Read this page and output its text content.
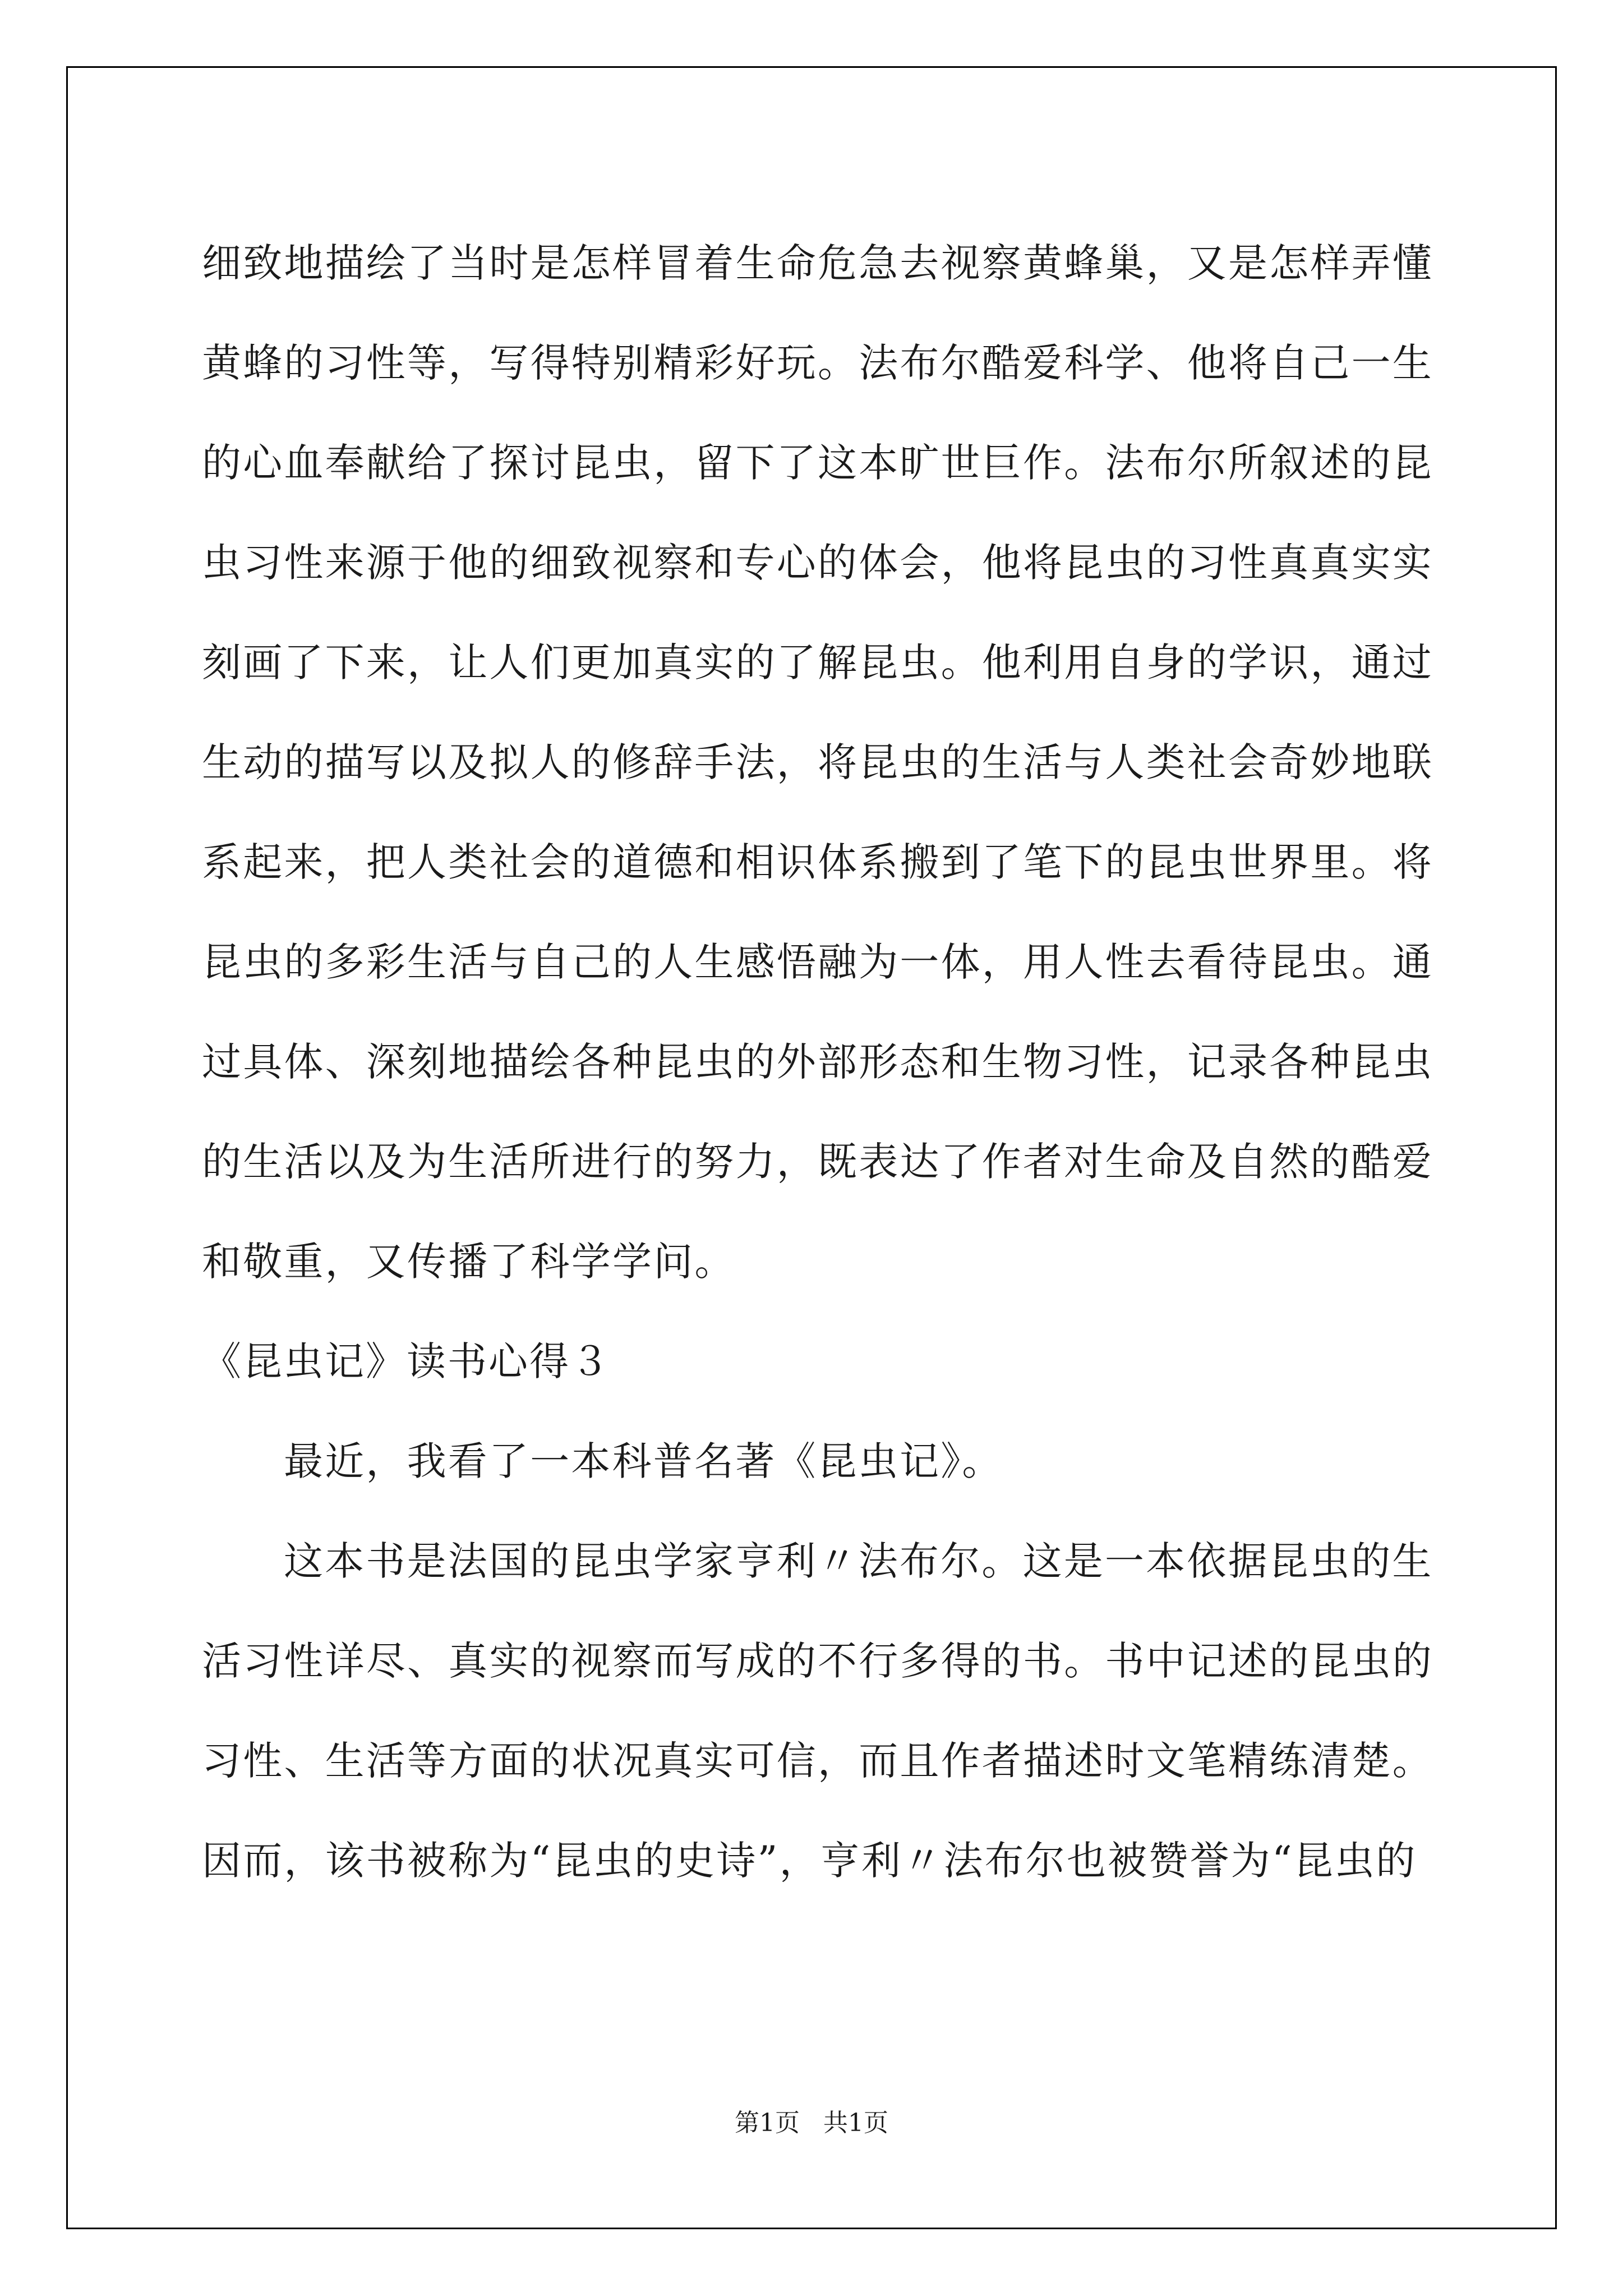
细致地描绘了当时是怎样冒着生命危急去视察黄蜂巢，又是怎样弄懂
黄蜂的习性等，写得特别精彩好玩。法布尔酷爱科学、他将自己一生
的心血奉献给了探讨昆虫，留下了这本旷世巨作。法布尔所叙述的昆
虫习性来源于他的细致视察和专心的体会，他将昆虫的习性真真实实
刻画了下来，让人们更加真实的了解昆虫。他利用自身的学识，通过
生动的描写以及拟人的修辞手法，将昆虫的生活与人类社会奇妙地联
系起来，把人类社会的道德和相识体系搬到了笔下的昆虫世界里。将
昆虫的多彩生活与自己的人生感悟融为一体，用人性去看待昆虫。通
过具体、深刻地描绘各种昆虫的外部形态和生物习性，记录各种昆虫
的生活以及为生活所进行的努力，既表达了作者对生命及自然的酷爱
和敬重，又传播了科学学问。
《昆虫记》读书心得３
最近，我看了一本科普名著《昆虫记》。
这本书是法国的昆虫学家亨利〃法布尔。这是一本依据昆虫的生
活习性详尽、真实的视察而写成的不行多得的书。书中记述的昆虫的
习性、生活等方面的状况真实可信，而且作者描述时文笔精练清楚。
因而，该书被称为“昆虫的史诗”，亨利〃法布尔也被赞誉为“昆虫的
第1页 共1页
